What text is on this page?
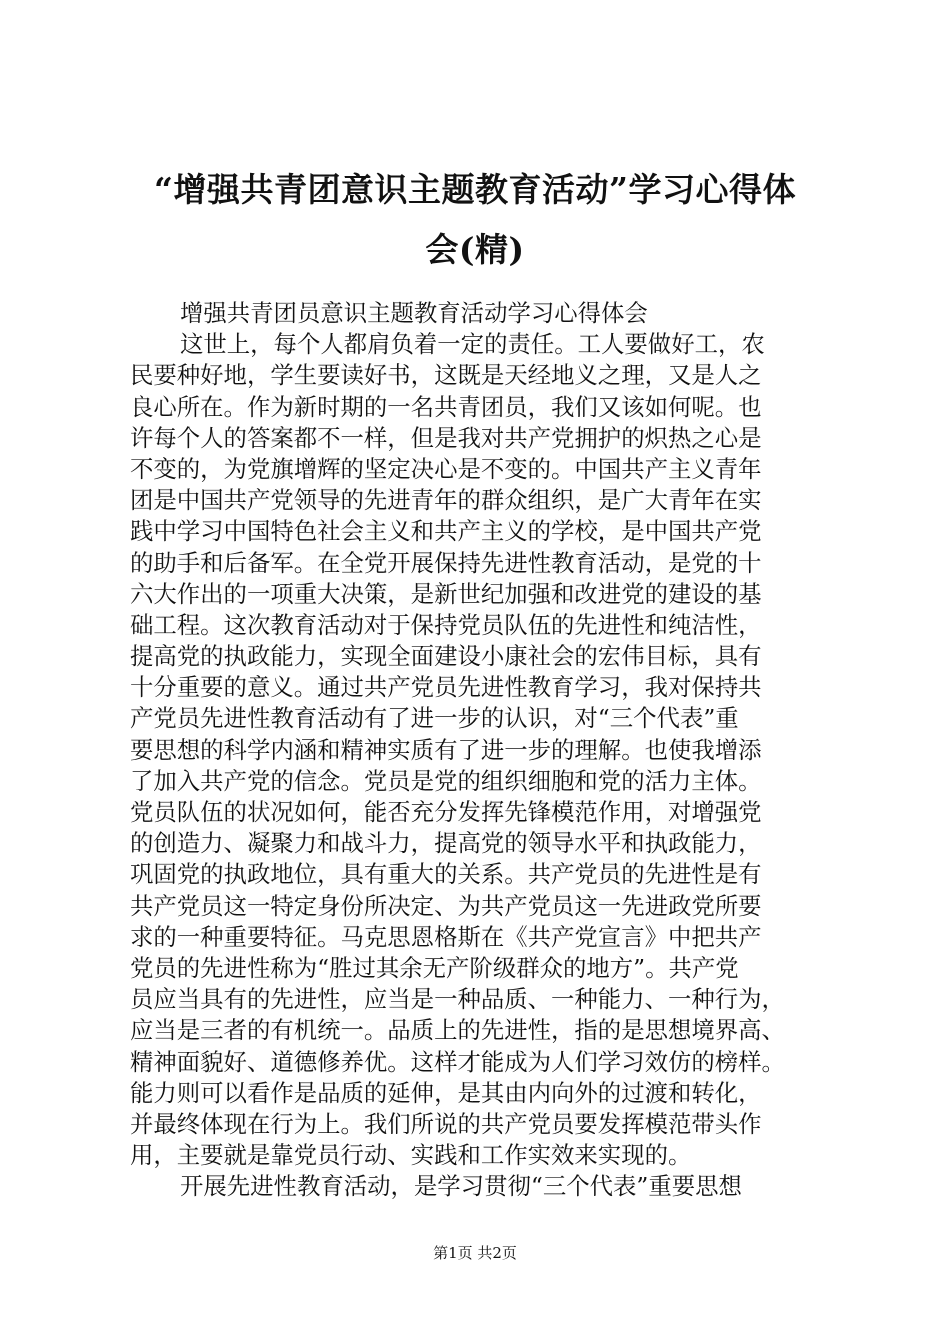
“增强共青团意识主题教育活动”学习心得体
会(精)
增强共青团员意识主题教育活动学习心得体会
这世上，每个人都肩负着一定的责任。工人要做好工，农
民要种好地，学生要读好书，这既是天经地义之理，又是人之
良心所在。作为新时期的一名共青团员，我们又该如何呢。也
许每个人的答案都不一样，但是我对共产党拥护的炽热之心是
不变的，为党旗增辉的坚定决心是不变的。中国共产主义青年
团是中国共产党领导的先进青年的群众组织，是广大青年在实
践中学习中国特色社会主义和共产主义的学校，是中国共产党
的助手和后备军。在全党开展保持先进性教育活动，是党的十
六大作出的一项重大决策，是新世纪加强和改进党的建设的基
础工程。这次教育活动对于保持党员队伍的先进性和纯洁性，
提高党的执政能力，实现全面建设小康社会的宏伟目标，具有
十分重要的意义。通过共产党员先进性教育学习，我对保持共
产党员先进性教育活动有了进一步的认识，对“三个代表”重
要思想的科学内涵和精神实质有了进一步的理解。也使我增添
了加入共产党的信念。党员是党的组织细胞和党的活力主体。
党员队伍的状况如何，能否充分发挥先锋模范作用，对增强党
的创造力、凝聚力和战斗力，提高党的领导水平和执政能力，
巩固党的执政地位，具有重大的关系。共产党员的先进性是有
共产党员这一特定身份所决定、为共产党员这一先进政党所要
求的一种重要特征。马克思恩格斯在《共产党宣言》中把共产
党员的先进性称为“胜过其余无产阶级群众的地方”。共产党
员应当具有的先进性，应当是一种品质、一种能力、一种行为，
应当是三者的有机统一。品质上的先进性，指的是思想境界高、
精神面貌好、道德修养优。这样才能成为人们学习效仿的榜样。
能力则可以看作是品质的延伸，是其由内向外的过渡和转化，
并最终体现在行为上。我们所说的共产党员要发挥模范带头作
用，主要就是靠党员行动、实践和工作实效来实现的。
开展先进性教育活动，是学习贯彻“三个代表”重要思想
第1页 共2页
